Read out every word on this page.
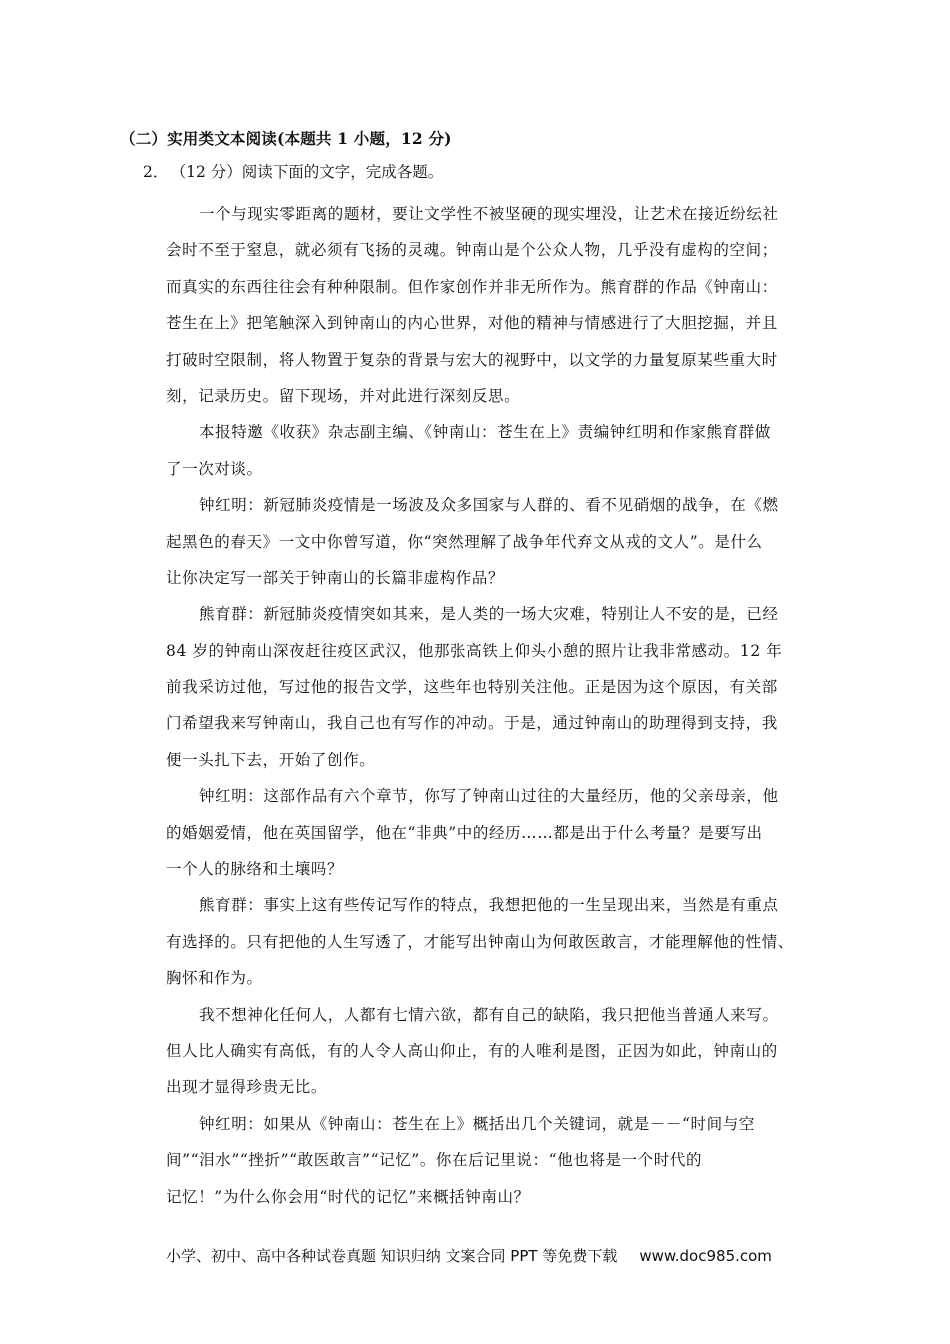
（二）实用类文本阅读(本题共 1 小题，12 分)
2． （12 分）阅读下面的文字，完成各题。
一个与现实零距离的题材，要让文学性不被坚硬的现实埋没，让艺术在接近纷纭社
会时不至于窒息，就必须有飞扬的灵魂。钟南山是个公众人物，几乎没有虚构的空间；
而真实的东西往往会有种种限制。但作家创作并非无所作为。熊育群的作品《钟南山：
苍生在上》把笔触深入到钟南山的内心世界，对他的精神与情感进行了大胆挖掘，并且
打破时空限制，将人物置于复杂的背景与宏大的视野中，以文学的力量复原某些重大时
刻，记录历史。留下现场，并对此进行深刻反思。
本报特邀《收获》杂志副主编、《钟南山：苍生在上》责编钟红明和作家熊育群做
了一次对谈。
钟红明：新冠肺炎疫情是一场波及众多国家与人群的、看不见硝烟的战争，在《燃
起黑色的春天》一文中你曾写道，你“突然理解了战争年代弃文从戎的文人”。是什么
让你决定写一部关于钟南山的长篇非虚构作品？
熊育群：新冠肺炎疫情突如其来，是人类的一场大灾难，特别让人不安的是，已经
84 岁的钟南山深夜赶往疫区武汉，他那张高铁上仰头小憩的照片让我非常感动。12 年
前我采访过他，写过他的报告文学，这些年也特别关注他。正是因为这个原因，有关部
门希望我来写钟南山，我自己也有写作的冲动。于是，通过钟南山的助理得到支持，我
便一头扎下去，开始了创作。
钟红明：这部作品有六个章节，你写了钟南山过往的大量经历，他的父亲母亲，他
的婚姻爱情，他在英国留学，他在“非典”中的经历……都是出于什么考量？是要写出
一个人的脉络和土壤吗？
熊育群：事实上这有些传记写作的特点，我想把他的一生呈现出来，当然是有重点
有选择的。只有把他的人生写透了，才能写出钟南山为何敢医敢言，才能理解他的性情、
胸怀和作为。
我不想神化任何人，人都有七情六欲，都有自己的缺陷，我只把他当普通人来写。
但人比人确实有高低，有的人令人高山仰止，有的人唯利是图，正因为如此，钟南山的
出现才显得珍贵无比。
钟红明：如果从《钟南山：苍生在上》概括出几个关键词，就是－－“时间与空
间”“泪水”“挫折”“敢医敢言”“记忆”。你在后记里说：“他也将是一个时代的
记忆！”为什么你会用“时代的记忆”来概括钟南山？
小学、初中、高中各种试卷真题 知识归纳 文案合同 PPT 等免费下载 www.doc985.com
